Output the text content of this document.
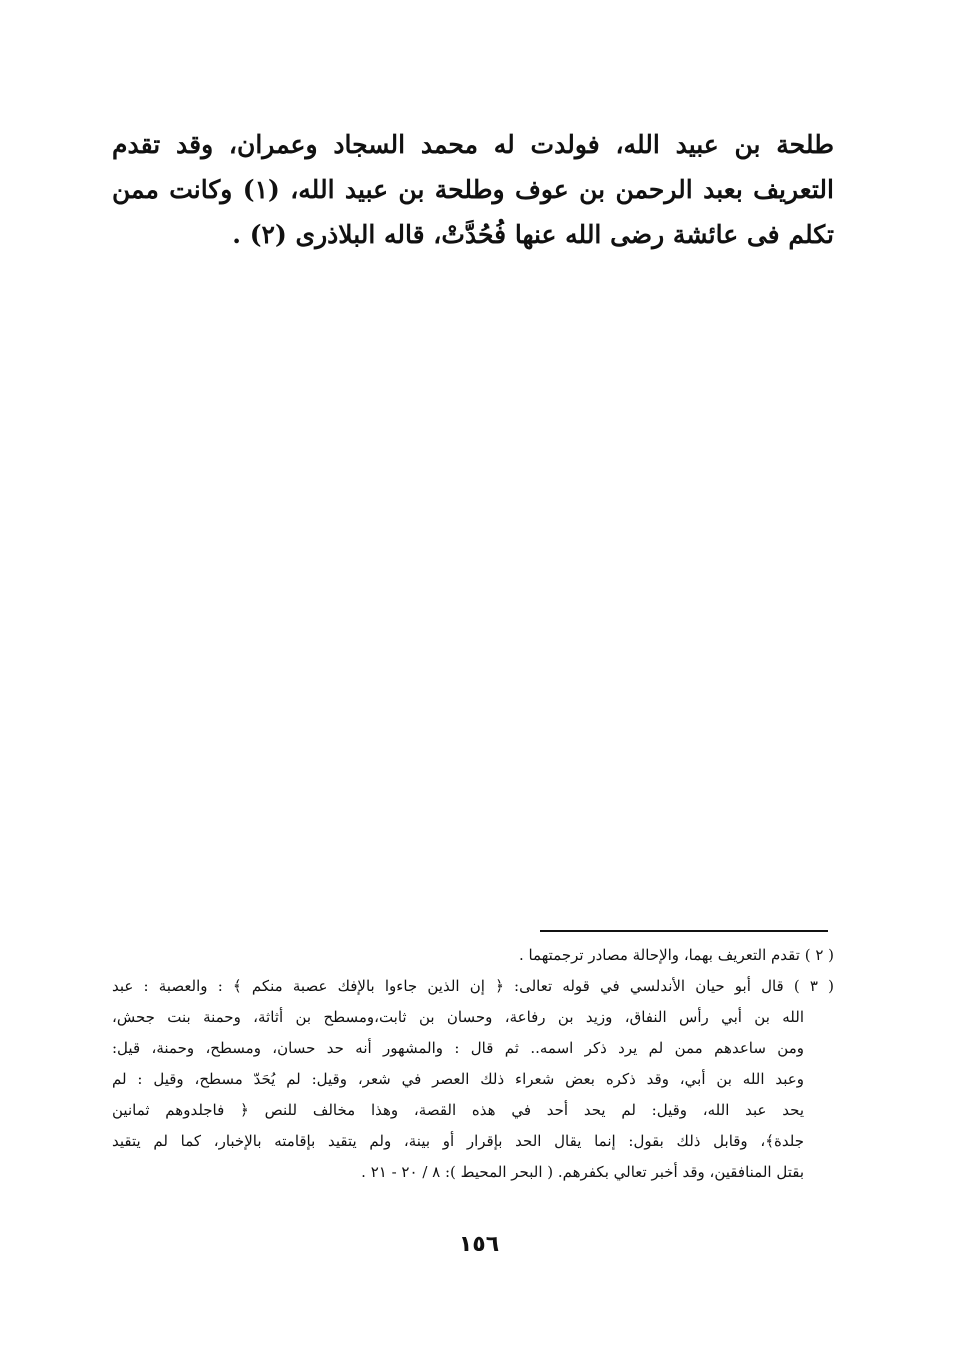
طلحة بن عبيد الله، فولدت له محمد السجاد وعمران، وقد تقدم
التعريف بعبد الرحمن بن عوف وطلحة بن عبيد الله، (١) وكانت ممن
تكلم فى عائشة رضى الله عنها فُحُدَّتْ، قاله البلاذرى (٢) .
( ٢ ) تقدم التعريف بهما، والإحالة مصادر ترجمتهما .
( ٣ ) قال أبو حيان الأندلسي في قوله تعالى: ﴿ إن الذين جاءوا بالإفك عصبة منكم ﴾ : والعصبة : عبد
الله بن أبي رأس النفاق، وزيد بن رفاعة، وحسان بن ثابت،ومسطح بن أثاثة، وحمنة بنت جحش،
ومن ساعدهم ممن لم يرد ذكر اسمه.. ثم قال : والمشهور أنه حد حسان، ومسطح، وحمنة، قيل:
وعبد الله بن أبي، وقد ذكره بعض شعراء ذلك العصر في شعر، وقيل: لم يُحَدّ مسطح، وقيل : لم
يحد عبد الله، وقيل: لم يحد أحد في هذه القصة، وهذا مخالف للنص ﴿ فاجلدوهم ثمانين
جلدة﴾، وقابل ذلك بقول: إنما يقال الحد بإقرار أو بينة، ولم يتقيد بإقامته بالإخبار، كما لم يتقيد
بقتل المنافقين، وقد أخبر تعالي بكفرهم. ( البحر المحيط ): ٨ / ٢٠ - ٢١ .
١٥٦
